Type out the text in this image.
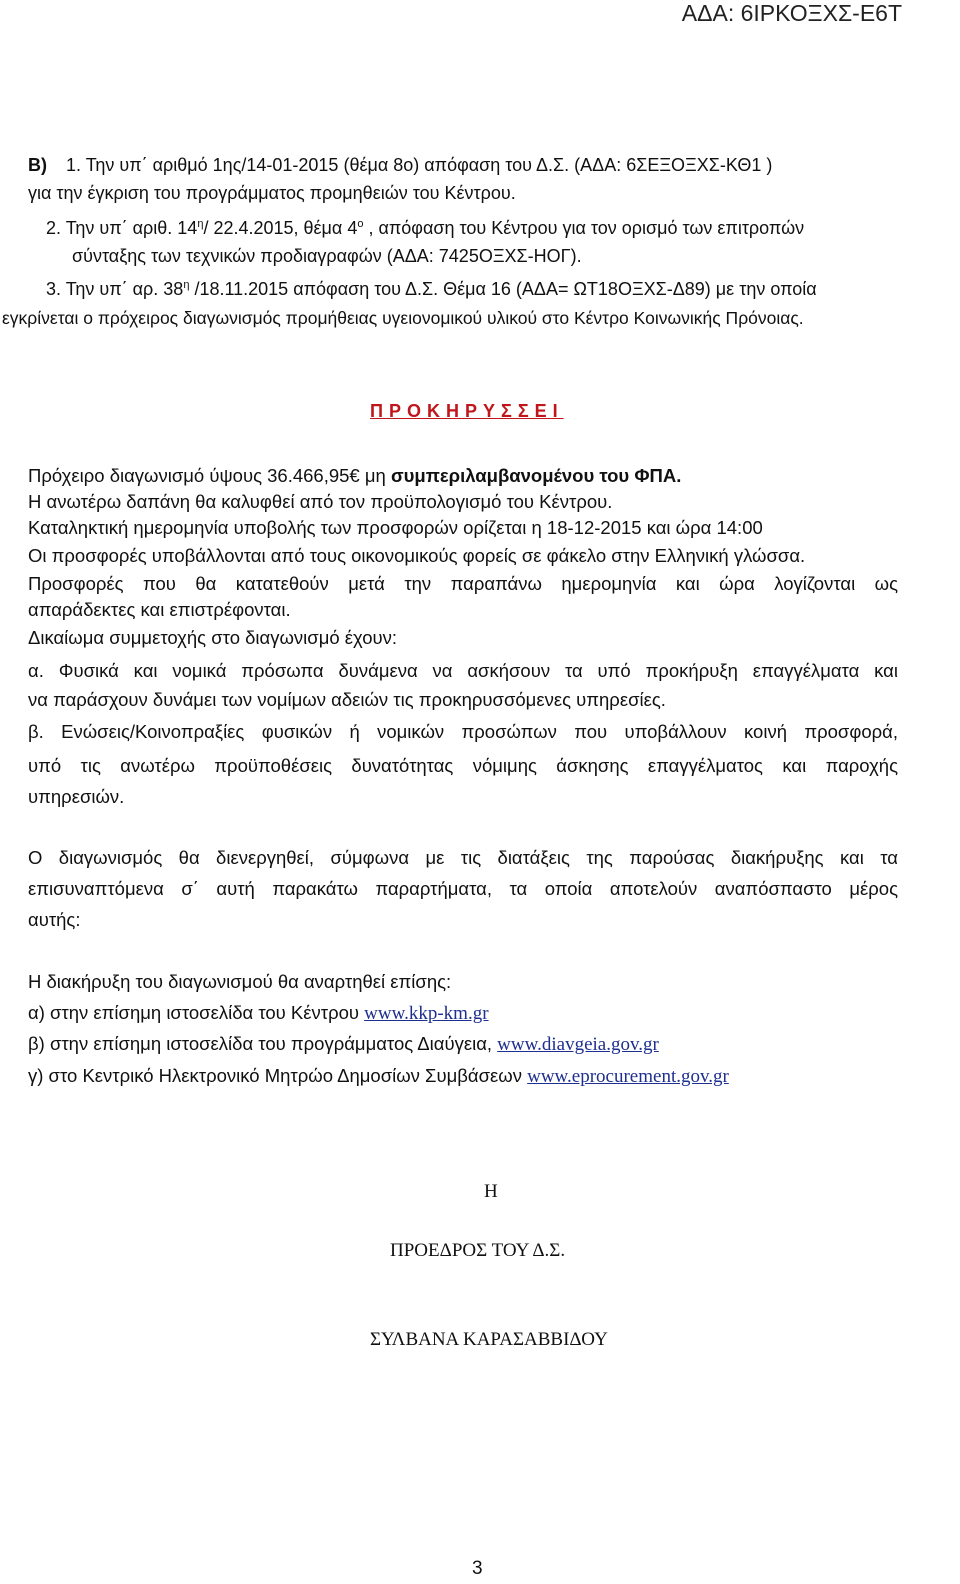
ΑΔΑ: 6ΙΡΚΟΞΧΣ-Ε6Τ
Β) 1. Την υπ΄ αριθμό 1ης/14-01-2015 (θέμα 8ο) απόφαση του Δ.Σ. (ΑΔΑ: 6ΣΕΞΟΞΧΣ-ΚΘ1 )
για την έγκριση του προγράμματος προμηθειών του Κέντρου.
2. Την υπ΄ αριθ. $14^\eta/$ 22.4.2015, θέμα $4^o$ , απόφαση του Κέντρου για τον ορισμό των επιτροπών
σύνταξης των τεχνικών προδιαγραφών (ΑΔΑ: 7425ΟΞΧΣ-ΗΟΓ).
3. Την υπ΄ αρ. $38^\eta$ /18.11.2015 απόφαση του Δ.Σ. Θέμα 16 (ΑΔΑ= ΩΤ18ΟΞΧΣ-Δ89) με την οποία
εγκρίνεται ο πρόχειρος διαγωνισμός προμήθειας υγειονομικού υλικού στο Κέντρο Κοινωνικής Πρόνοιας.
ΠΡΟΚΗΡΥΣΣΕΙ
Πρόχειρο διαγωνισμό ύψους 36.466,95€ μη συμπεριλαμβανομένου του ΦΠΑ.
Η ανωτέρω δαπάνη θα καλυφθεί από τον προϋπολογισμό του Κέντρου.
Καταληκτική ημερομηνία υποβολής των προσφορών ορίζεται η 18-12-2015 και ώρα 14:00
Οι προσφορές υποβάλλονται από τους οικονομικούς φορείς σε φάκελο στην Ελληνική γλώσσα.
Προσφορές που θα κατατεθούν μετά την παραπάνω ημερομηνία και ώρα λογίζονται ως
απαράδεκτες και επιστρέφονται.
Δικαίωμα συμμετοχής στο διαγωνισμό έχουν:
α. Φυσικά και νομικά πρόσωπα δυνάμενα να ασκήσουν τα υπό προκήρυξη επαγγέλματα και
να παράσχουν δυνάμει των νομίμων αδειών τις προκηρυσσόμενες υπηρεσίες.
β. Ενώσεις/Κοινοπραξίες φυσικών ή νομικών προσώπων που υποβάλλουν κοινή προσφορά,
υπό τις ανωτέρω προϋποθέσεις δυνατότητας νόμιμης άσκησης επαγγέλματος και παροχής
υπηρεσιών.
Ο διαγωνισμός θα διενεργηθεί, σύμφωνα με τις διατάξεις της παρούσας διακήρυξης και τα
επισυναπτόμενα σ΄ αυτή παρακάτω παραρτήματα, τα οποία αποτελούν αναπόσπαστο μέρος
αυτής:
Η διακήρυξη του διαγωνισμού θα αναρτηθεί επίσης:
α) στην επίσημη ιστοσελίδα του Κέντρου www.kkp-km.gr
β) στην επίσημη ιστοσελίδα του προγράμματος Διαύγεια, www.diavgeia.gov.gr
γ) στο Κεντρικό Ηλεκτρονικό Μητρώο Δημοσίων Συμβάσεων www.eprocurement.gov.gr
Η
ΠΡΟΕΔΡΟΣ ΤΟΥ Δ.Σ.
ΣΥΛΒΑΝΑ ΚΑΡΑΣΑΒΒΙΔΟΥ
3
